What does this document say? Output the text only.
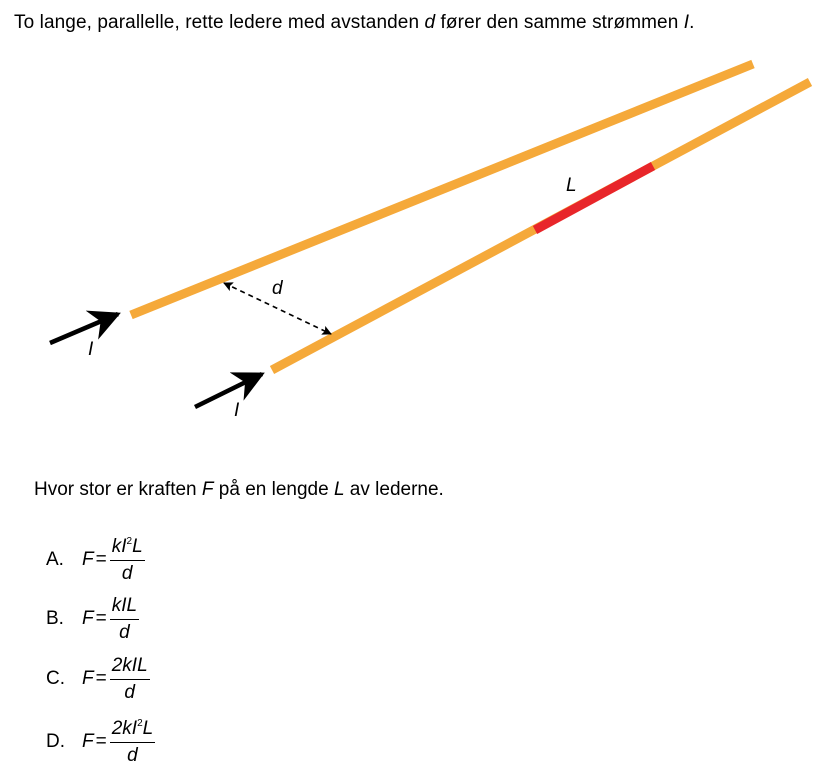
To lange, parallelle, rette ledere med avstanden d fører den samme strømmen I.
d
L
I
I
Hvor stor er kraften F på en lengde L av lederne.
A. $F = \frac{kI^2L}{d}$
B. $F = \frac{\text{kIL}}{d}$
C. $F = \frac{\text{2kIL}}{d}$
D. $F = \frac{2kI^2L}{d}$
